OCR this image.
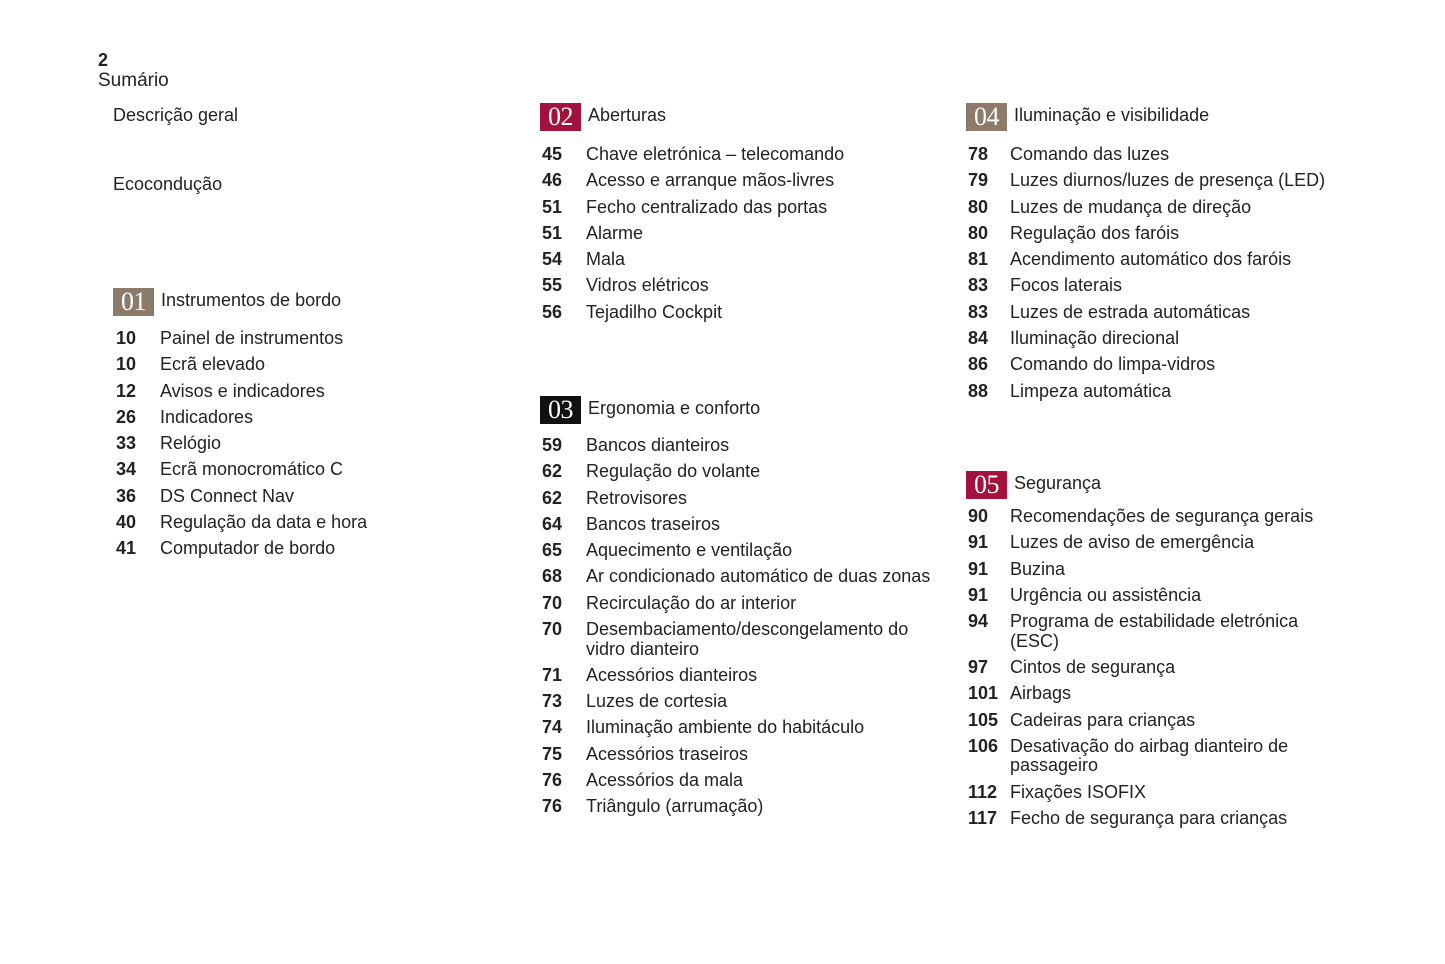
2
Sumário
Descrição geral
Ecocondução
01 Instrumentos de bordo
10	Painel de instrumentos
10	Ecrã elevado
12	Avisos e indicadores
26	Indicadores
33	Relógio
34	Ecrã monocromático C
36	DS Connect Nav
40	Regulação da data e hora
41	Computador de bordo
02 Aberturas
45	Chave eletrónica – telecomando
46	Acesso e arranque mãos-livres
51	Fecho centralizado das portas
51	Alarme
54	Mala
55	Vidros elétricos
56	Tejadilho Cockpit
03 Ergonomia e conforto
59	Bancos dianteiros
62	Regulação do volante
62	Retrovisores
64	Bancos traseiros
65	Aquecimento e ventilação
68	Ar condicionado automático de duas zonas
70	Recirculação do ar interior
70	Desembaciamento/descongelamento do vidro dianteiro
71	Acessórios dianteiros
73	Luzes de cortesia
74	Iluminação ambiente do habitáculo
75	Acessórios traseiros
76	Acessórios da mala
76	Triângulo (arrumação)
04 Iluminação e visibilidade
78	Comando das luzes
79	Luzes diurnos/luzes de presença (LED)
80	Luzes de mudança de direção
80	Regulação dos faróis
81	Acendimento automático dos faróis
83	Focos laterais
83	Luzes de estrada automáticas
84	Iluminação direcional
86	Comando do limpa-vidros
88	Limpeza automática
05 Segurança
90	Recomendações de segurança gerais
91	Luzes de aviso de emergência
91	Buzina
91	Urgência ou assistência
94	Programa de estabilidade eletrónica (ESC)
97	Cintos de segurança
101 Airbags
105 Cadeiras para crianças
106 Desativação do airbag dianteiro de passageiro
112 Fixações ISOFIX
117 Fecho de segurança para crianças
